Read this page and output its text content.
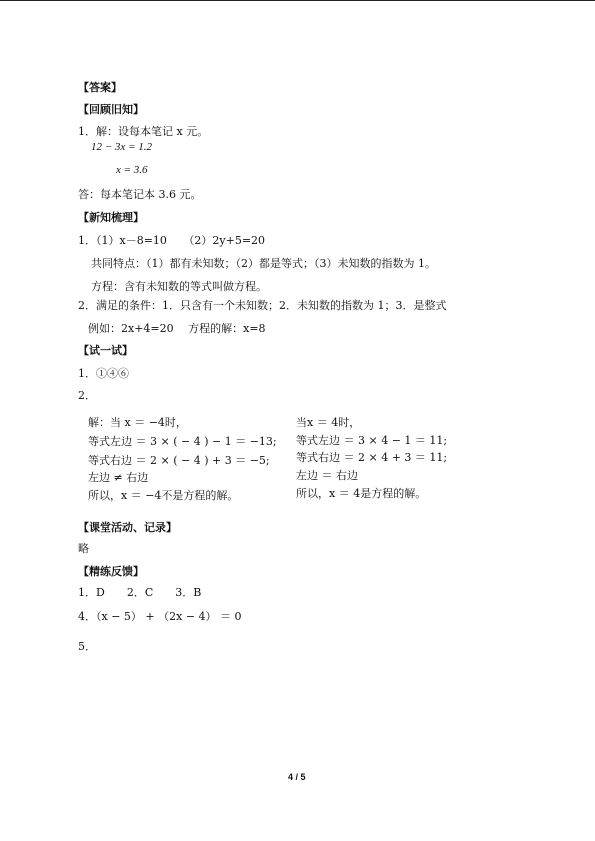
【答案】
【回顾旧知】
1．解：设每本笔记 x 元。
12 − 3x = 1.2
x = 3.6
答：每本笔记本 3.6 元。
【新知梳理】
1．（1）x－8=10　　（2）2y+5=20
共同特点：（1）都有未知数；（2）都是等式；（3）未知数的指数为 1。
方程：含有未知数的等式叫做方程。
2．满足的条件：1．只含有一个未知数；2．未知数的指数为 1；3．是整式
例如：2x+4=20　 方程的解：x=8
【试一试】
1．①④⑥
2．
解：当 x ＝ −4时，
等式左边 ＝ 3 × ( − 4 ) − 1 ＝ −13;
等式右边 ＝ 2 × ( − 4 ) + 3 ＝ −5;
左边 ≠ 右边
所以，x ＝ −4不是方程的解。
当x ＝ 4时，
等式左边 ＝ 3 × 4 − 1 ＝ 11;
等式右边 ＝ 2 × 4 + 3 ＝ 11;
左边 ＝ 右边
所以，x ＝ 4是方程的解。
【课堂活动、记录】
略
【精练反馈】
1．D　　2．C　　3．B
4．（x − 5） + （2x − 4） ＝ 0
5．
4 / 5
